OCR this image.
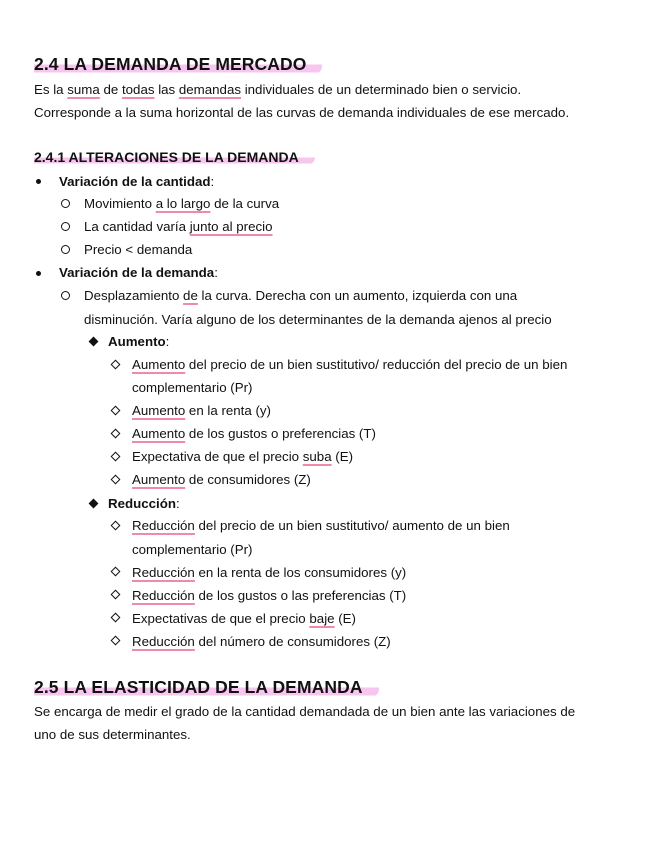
2.4 LA DEMANDA DE MERCADO
Es la suma de todas las demandas individuales de un determinado bien o servicio.
Corresponde a la suma horizontal de las curvas de demanda individuales de ese mercado.
2.4.1 ALTERACIONES DE LA DEMANDA
Variación de la cantidad:
Movimiento a lo largo de la curva
La cantidad varía junto al precio
Precio < demanda
Variación de la demanda:
Desplazamiento de la curva. Derecha con un aumento, izquierda con una
disminución. Varía alguno de los determinantes de la demanda ajenos al precio
Aumento:
Aumento del precio de un bien sustitutivo/ reducción del precio de un bien
complementario (Pr)
Aumento en la renta (y)
Aumento de los gustos o preferencias (T)
Expectativa de que el precio suba (E)
Aumento de consumidores (Z)
Reducción:
Reducción del precio de un bien sustitutivo/ aumento de un bien
complementario (Pr)
Reducción en la renta de los consumidores (y)
Reducción de los gustos o las preferencias (T)
Expectativas de que el precio baje (E)
Reducción del número de consumidores (Z)
2.5 LA ELASTICIDAD DE LA DEMANDA
Se encarga de medir el grado de la cantidad demandada de un bien ante las variaciones de
uno de sus determinantes.
